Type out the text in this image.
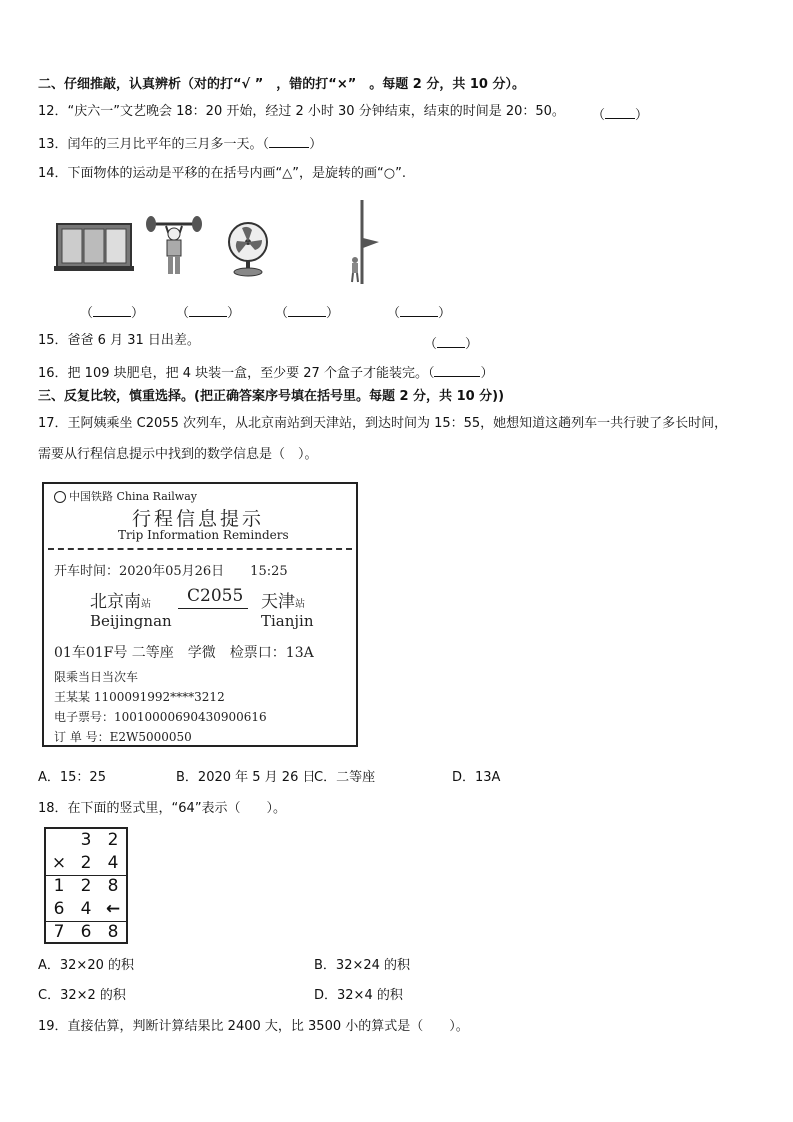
二、仔细推敲，认真辨析（对的打“√ ”　，错的打“×”　。每题 2 分，共 10 分）。
12．“庆六一”文艺晚会 18：20 开始，经过 2 小时 30 分钟结束，结束的时间是 20：50。 （ ）
13．闰年的三月比平年的三月多一天。（	）
14．下面物体的运动是平移的在括号内画“△”，是旋转的画“○”.
（	） （	）	（	）	（	）
15．爸爸 6 月 31 日出差。	（ ）
16．把 109 块肥皂，把 4 块装一盒，至少要 27 个盒子才能装完。（	）
三、反复比较，慎重选择。(把正确答案序号填在括号里。每题 2 分，共 10 分))
17．王阿姨乘坐 C2055 次列车，从北京南站到天津站，到达时间为 15：55，她想知道这趟列车一共行驶了多长时间，
需要从行程信息提示中找到的数学信息是（　）。
中国铁路 China Railway
行程信息提示
Trip Information Reminders
开车时间：2020年05月26日　　15:25
北京南站 C2055 天津站
Beijingnan	Tianjin
01车01F号 二等座　学微　检票口：13A
限乘当日当次车
王某某 1100091992****3212
电子票号：10010000690430900616
订 单 号：E2W5000050
A．15：25	B．2020 年 5 月 26 日
C．二等座	D．13A
18．在下面的竖式里，“64”表示（　　）。
3 2
× 2 4
1 2 8
6 4 ←
7 6 8
A．32×20 的积	B．32×24 的积
C．32×2 的积	D．32×4 的积
19．直接估算，判断计算结果比 2400 大，比 3500 小的算式是（　　）。
